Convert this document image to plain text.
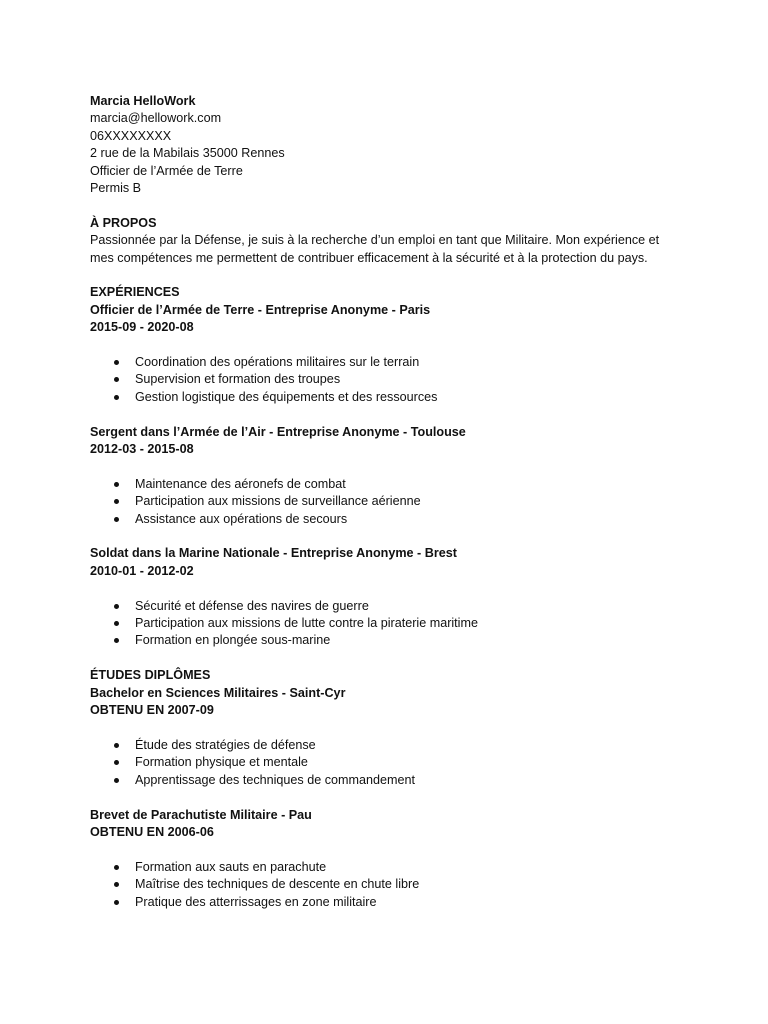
Marcia HelloWork

marcia@hellowork.com

06XXXXXXXX

2 rue de la Mabilais 35000 Rennes

Officier de l’Armée de Terre

Permis B

À PROPOS

Passionnée par la Défense, je suis à la recherche d’un emploi en tant que Militaire. Mon expérience et

mes compétences me permettent de contribuer efficacement à la sécurité et à la protection du pays.

EXPÉRIENCES

Officier de l’Armée de Terre - Entreprise Anonyme - Paris

2015-09 - 2020-08

Coordination des opérations militaires sur le terrain
Supervision et formation des troupes
Gestion logistique des équipements et des ressources

Sergent dans l’Armée de l’Air - Entreprise Anonyme - Toulouse

2012-03 - 2015-08

Maintenance des aéronefs de combat
Participation aux missions de surveillance aérienne
Assistance aux opérations de secours

Soldat dans la Marine Nationale - Entreprise Anonyme - Brest

2010-01 - 2012-02

Sécurité et défense des navires de guerre
Participation aux missions de lutte contre la piraterie maritime
Formation en plongée sous-marine

ÉTUDES DIPLÔMES

Bachelor en Sciences Militaires - Saint-Cyr

OBTENU EN 2007-09

Étude des stratégies de défense
Formation physique et mentale
Apprentissage des techniques de commandement

Brevet de Parachutiste Militaire - Pau

OBTENU EN 2006-06

Formation aux sauts en parachute
Maîtrise des techniques de descente en chute libre
Pratique des atterrissages en zone militaire
